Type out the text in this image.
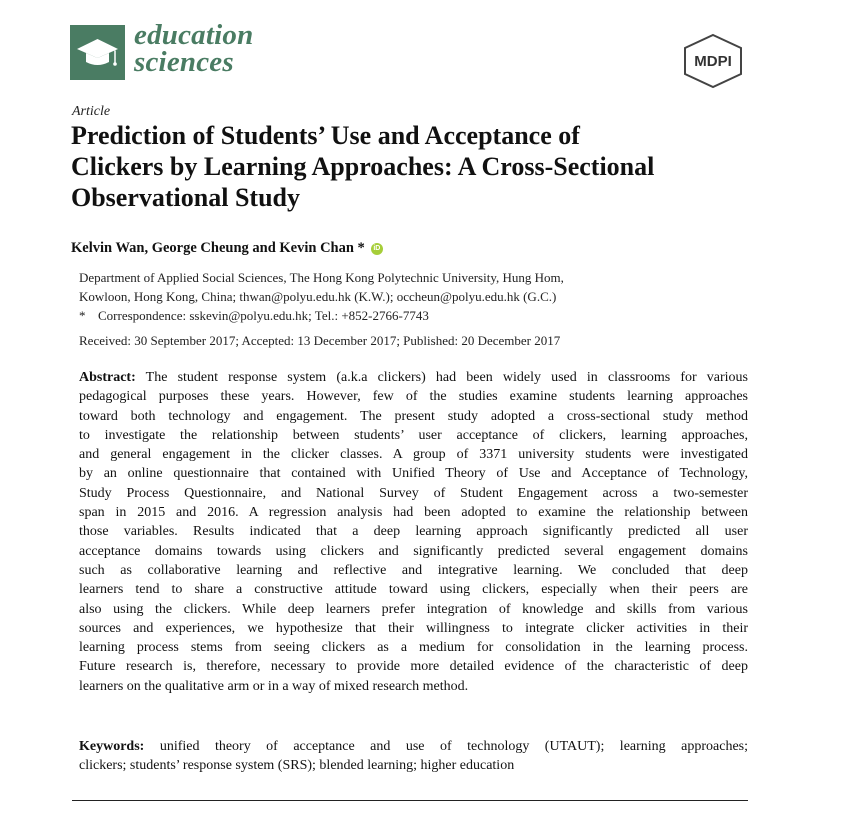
education
sciences	MDPI
Article
Prediction of Students’ Use and Acceptance of
Clickers by Learning Approaches: A Cross-Sectional
Observational Study
Kelvin Wan, George Cheung and Kevin Chan *	iD
Department of Applied Social Sciences, The Hong Kong Polytechnic University, Hung Hom,
Kowloon, Hong Kong, China; thwan@polyu.edu.hk (K.W.); occheun@polyu.edu.hk (G.C.)
* Correspondence: sskevin@polyu.edu.hk; Tel.: +852-2766-7743
Received: 30 September 2017; Accepted: 13 December 2017; Published: 20 December 2017
Abstract: The student response system (a.k.a clickers) had been widely used in classrooms for various
pedagogical purposes these years. However, few of the studies examine students learning approaches
toward both technology and engagement. The present study adopted a cross-sectional study method
to investigate the relationship between students’ user acceptance of clickers, learning approaches,
and general engagement in the clicker classes. A group of 3371 university students were investigated
by an online questionnaire that contained with Unified Theory of Use and Acceptance of Technology,
Study Process Questionnaire, and National Survey of Student Engagement across a two-semester
span in 2015 and 2016. A regression analysis had been adopted to examine the relationship between
those variables. Results indicated that a deep learning approach significantly predicted all user
acceptance domains towards using clickers and significantly predicted several engagement domains
such as collaborative learning and reflective and integrative learning. We concluded that deep
learners tend to share a constructive attitude toward using clickers, especially when their peers are
also using the clickers. While deep learners prefer integration of knowledge and skills from various
sources and experiences, we hypothesize that their willingness to integrate clicker activities in their
learning process stems from seeing clickers as a medium for consolidation in the learning process.
Future research is, therefore, necessary to provide more detailed evidence of the characteristic of deep
learners on the qualitative arm or in a way of mixed research method.
Keywords: unified theory of acceptance and use of technology (UTAUT); learning approaches;
clickers; students’ response system (SRS); blended learning; higher education
